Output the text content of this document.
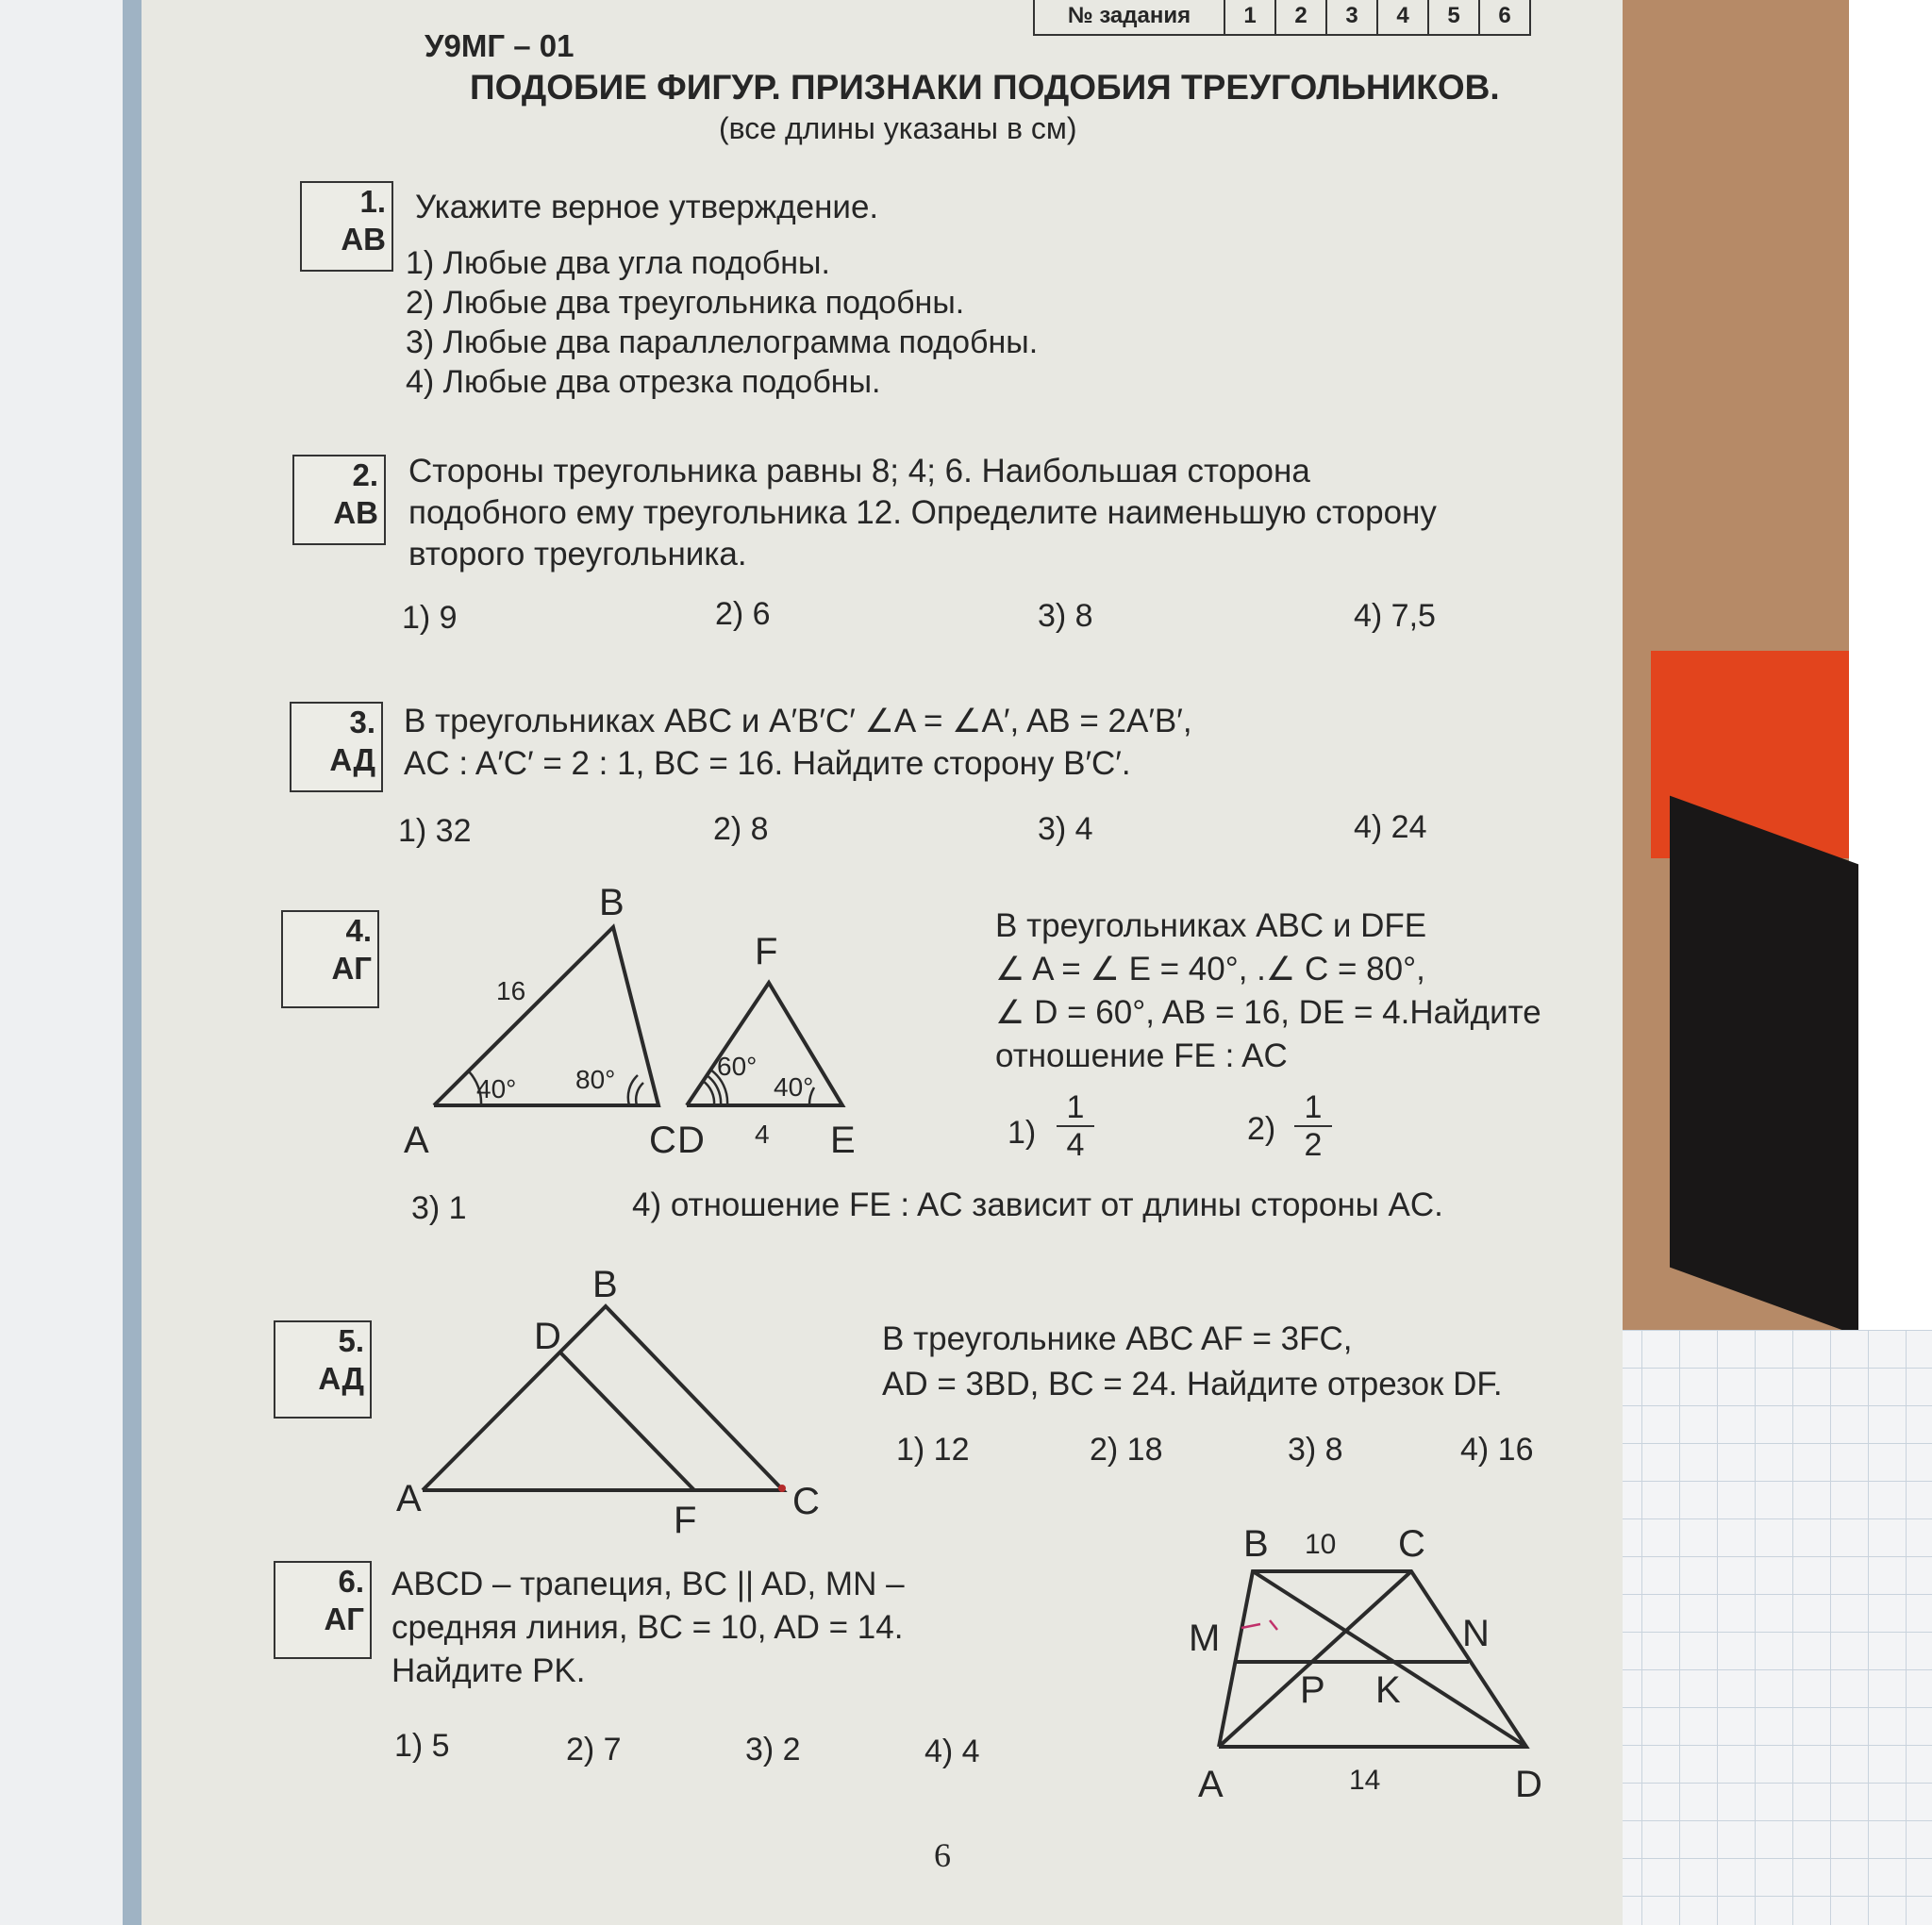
№ задания	1	2	3	4	5	6
У9МГ – 01
ПОДОБИЕ ФИГУР. ПРИЗНАКИ ПОДОБИЯ ТРЕУГОЛЬНИКОВ.
(все длины указаны в см)
1.
АВ
Укажите верное утверждение.
1) Любые два угла подобны.
2) Любые два треугольника подобны.
3) Любые два параллелограмма подобны.
4) Любые два отрезка подобны.
2.
АВ
Стороны треугольника равны 8; 4; 6. Наибольшая сторона
подобного ему треугольника 12. Определите наименьшую сторону
второго треугольника.
1) 9	2) 6	3) 8	4) 7,5
3.
АД
В треугольниках ABC и A′B′C′ ∠A = ∠A′, AB = 2A′B′,
AC : A′C′ = 2 : 1, BC = 16. Найдите сторону B′C′.
1) 32	2) 8	3) 4	4) 24
4.
АГ
A
B
C D	E
F
16
40° 80°	60°
40°
4
В треугольниках ABC и DFE
∠ A = ∠ E = 40°, .∠ C = 80°,
∠ D = 60°, AB = 16, DE = 4.Найдите
отношение FE : AC
$1) \frac{1}{4}$	$2) \frac{1}{2}$
3) 1	4) отношение FE : AC зависит от длины стороны AC.
5.
АД
A
B
C
D
F
В треугольнике ABC AF = 3FC,
AD = 3BD, BC = 24. Найдите отрезок DF.
1) 12	2) 18	3) 8	4) 16
6.
АГ
ABCD – трапеция, BC || AD, MN –
средняя линия, BC = 10, AD = 14.
Найдите PK.
1) 5	2) 7	3) 2	4) 4
B	C
A	D
M	N
P K
10
14
6
